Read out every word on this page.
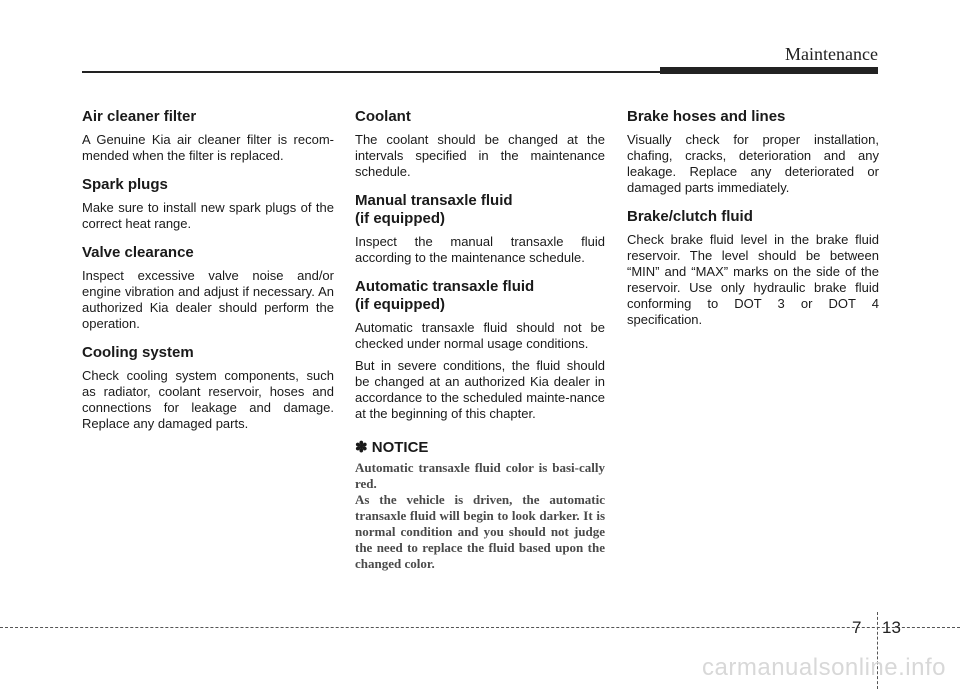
Maintenance
Air cleaner filter

A Genuine Kia air cleaner filter is recom-mended when the filter is replaced.

Spark plugs

Make sure to install new spark plugs of the correct heat range.

Valve clearance

Inspect excessive valve noise and/or engine vibration and adjust if necessary. An authorized Kia dealer should perform the operation.

Cooling system

Check cooling system components, such as radiator, coolant reservoir, hoses and connections for leakage and damage. Replace any damaged parts.

Coolant

The coolant should be changed at the intervals specified in the maintenance schedule.

Manual transaxle fluid
(if equipped)

Inspect the manual transaxle fluid according to the maintenance schedule.

Automatic transaxle fluid
(if equipped)

Automatic transaxle fluid should not be checked under normal usage conditions.

But in severe conditions, the fluid should be changed at an authorized Kia dealer in accordance to the scheduled mainte-nance at the beginning of this chapter.

✽ NOTICE

Automatic transaxle fluid color is basi-cally red.
As the vehicle is driven, the automatic transaxle fluid will begin to look darker. It is normal condition and you should not judge the need to replace the fluid based upon the changed color.

Brake hoses and lines

Visually check for proper installation, chafing, cracks, deterioration and any leakage. Replace any deteriorated or damaged parts immediately.

Brake/clutch fluid

Check brake fluid level in the brake fluid reservoir. The level should be between “MIN” and “MAX” marks on the side of the reservoir. Use only hydraulic brake fluid conforming to DOT 3 or DOT 4 specification.

7 13
carmanualsonline.info
